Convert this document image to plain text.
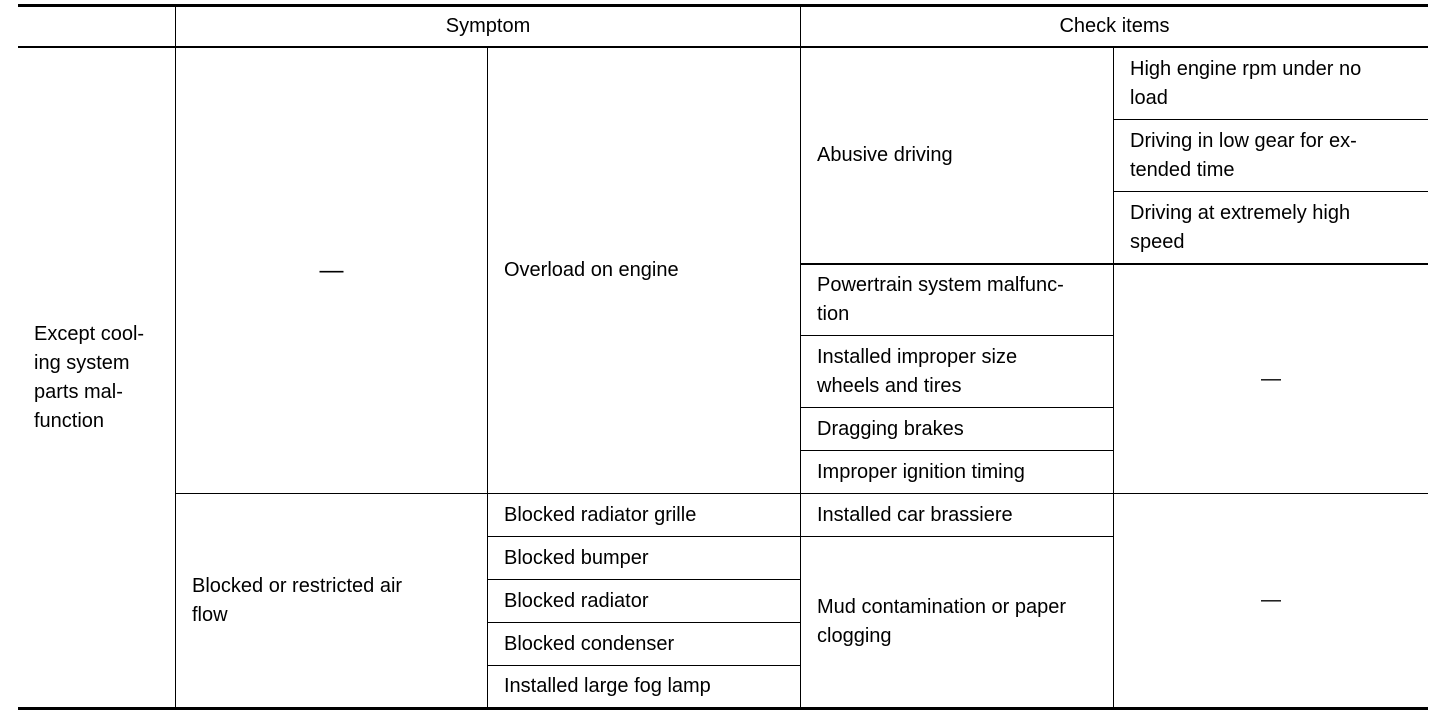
Symptom	Check items
Except cool-
ing system
parts mal-
function
—	Overload on engine
Abusive driving
High engine rpm under no
load
Driving in low gear for ex-
tended time
Driving at extremely high
speed
Powertrain system malfunc-
tion
Installed improper size
wheels and tires
Dragging brakes
Improper ignition timing
—
Blocked or restricted air
flow
Blocked radiator grille
Blocked bumper
Blocked radiator
Blocked condenser
Installed large fog lamp
Installed car brassiere
Mud contamination or paper
clogging
—
